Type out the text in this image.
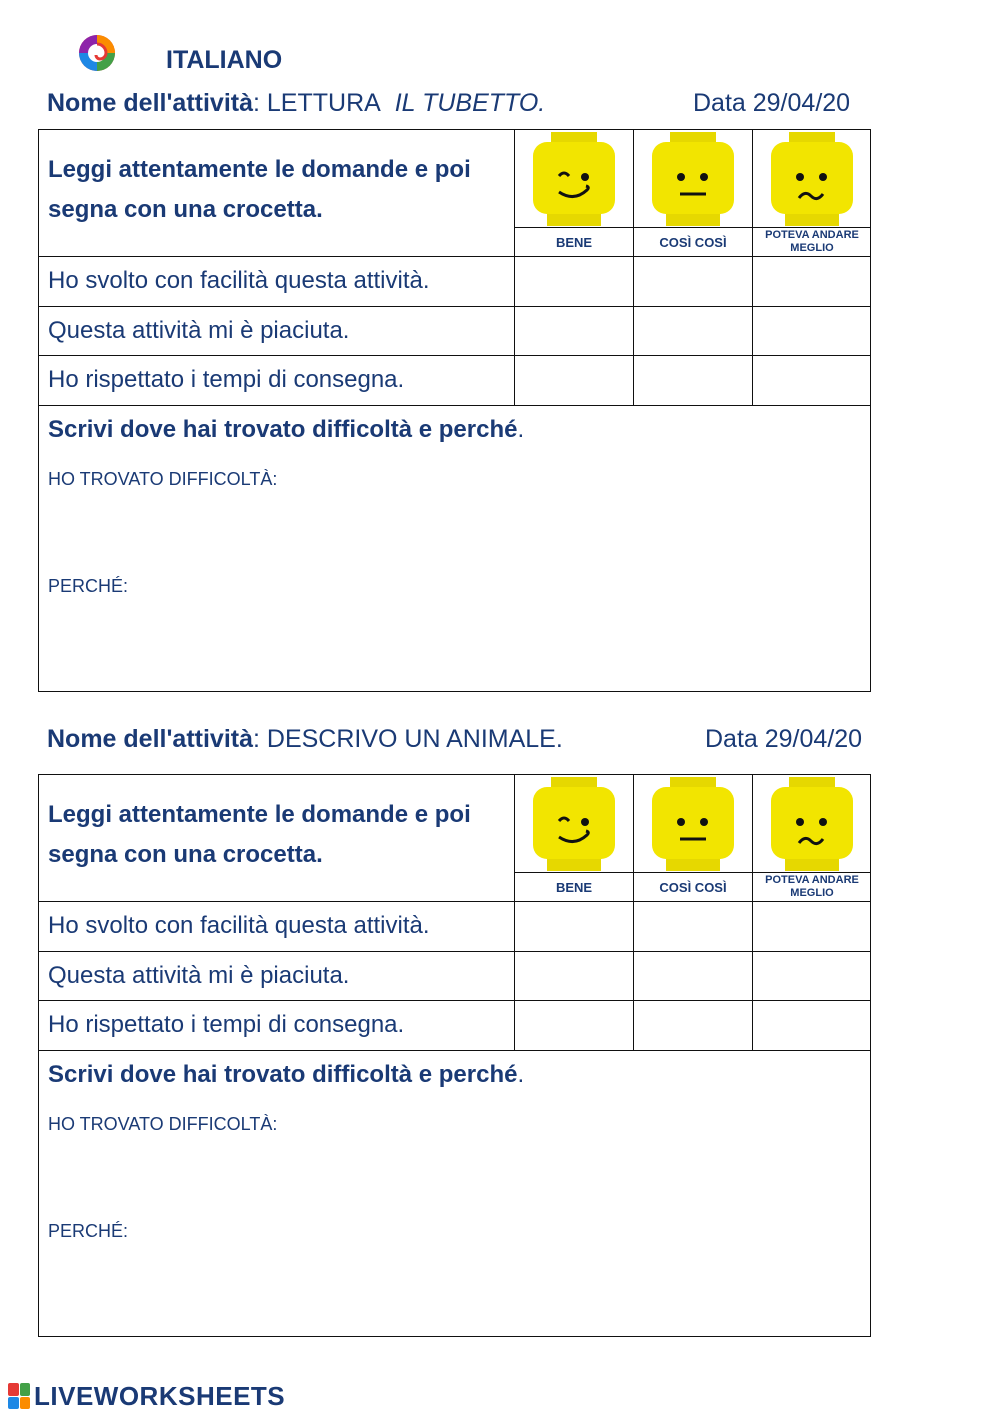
ITALIANO
Nome dell'attività: LETTURA IL TUBETTO.	Data 29/04/20
Leggi attentamente le domande e poi segna con una crocetta.
BENE	COSÌ COSÌ	POTEVA ANDARE MEGLIO
Ho svolto con facilità questa attività.
Questa attività mi è piaciuta.
Ho rispettato i tempi di consegna.
Scrivi dove hai trovato difficoltà e perché.
HO TROVATO DIFFICOLTÀ:
PERCHÉ:
Nome dell'attività: DESCRIVO UN ANIMALE.	Data 29/04/20
Leggi attentamente le domande e poi segna con una crocetta.
BENE	COSÌ COSÌ	POTEVA ANDARE MEGLIO
Ho svolto con facilità questa attività.
Questa attività mi è piaciuta.
Ho rispettato i tempi di consegna.
Scrivi dove hai trovato difficoltà e perché.
HO TROVATO DIFFICOLTÀ:
PERCHÉ:
LIVEWORKSHEETS
